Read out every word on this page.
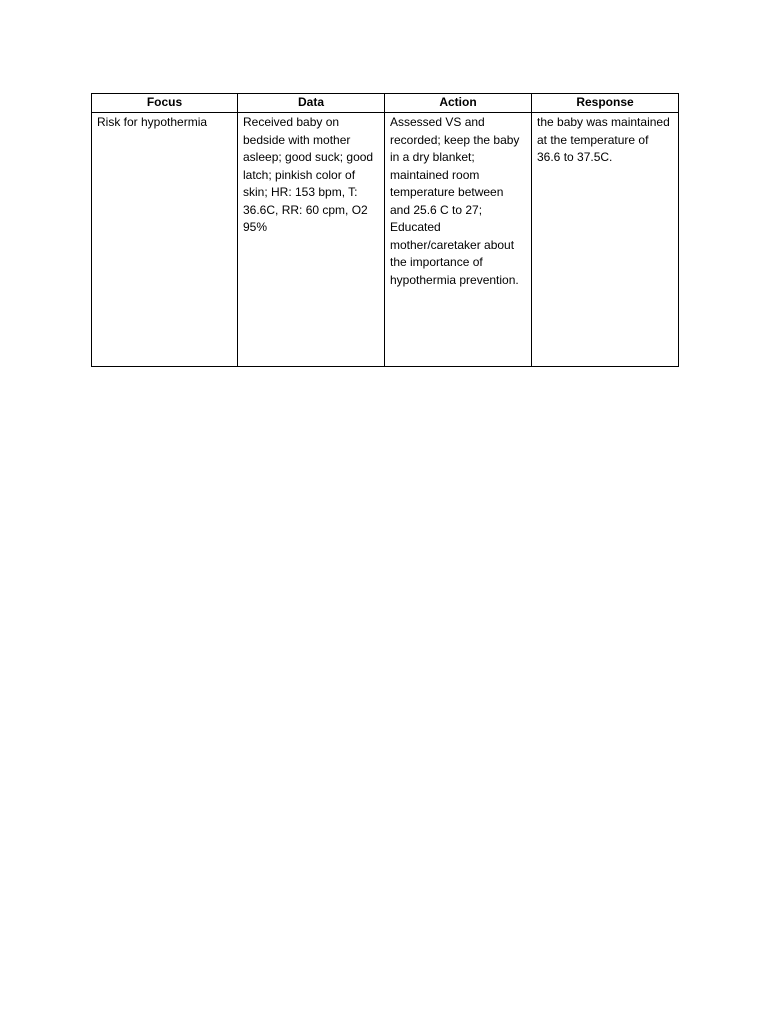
Focus	Data	Action	Response
Risk for hypothermia	Received baby on bedside with mother asleep; good suck; good latch; pinkish color of skin; HR: 153 bpm, T: 36.6C, RR: 60 cpm, O2 95%	Assessed VS and recorded; keep the baby in a dry blanket; maintained room temperature between and 25.6 C to 27; Educated mother/caretaker about the importance of hypothermia prevention.	the baby was maintained at the temperature of 36.6 to 37.5C.
